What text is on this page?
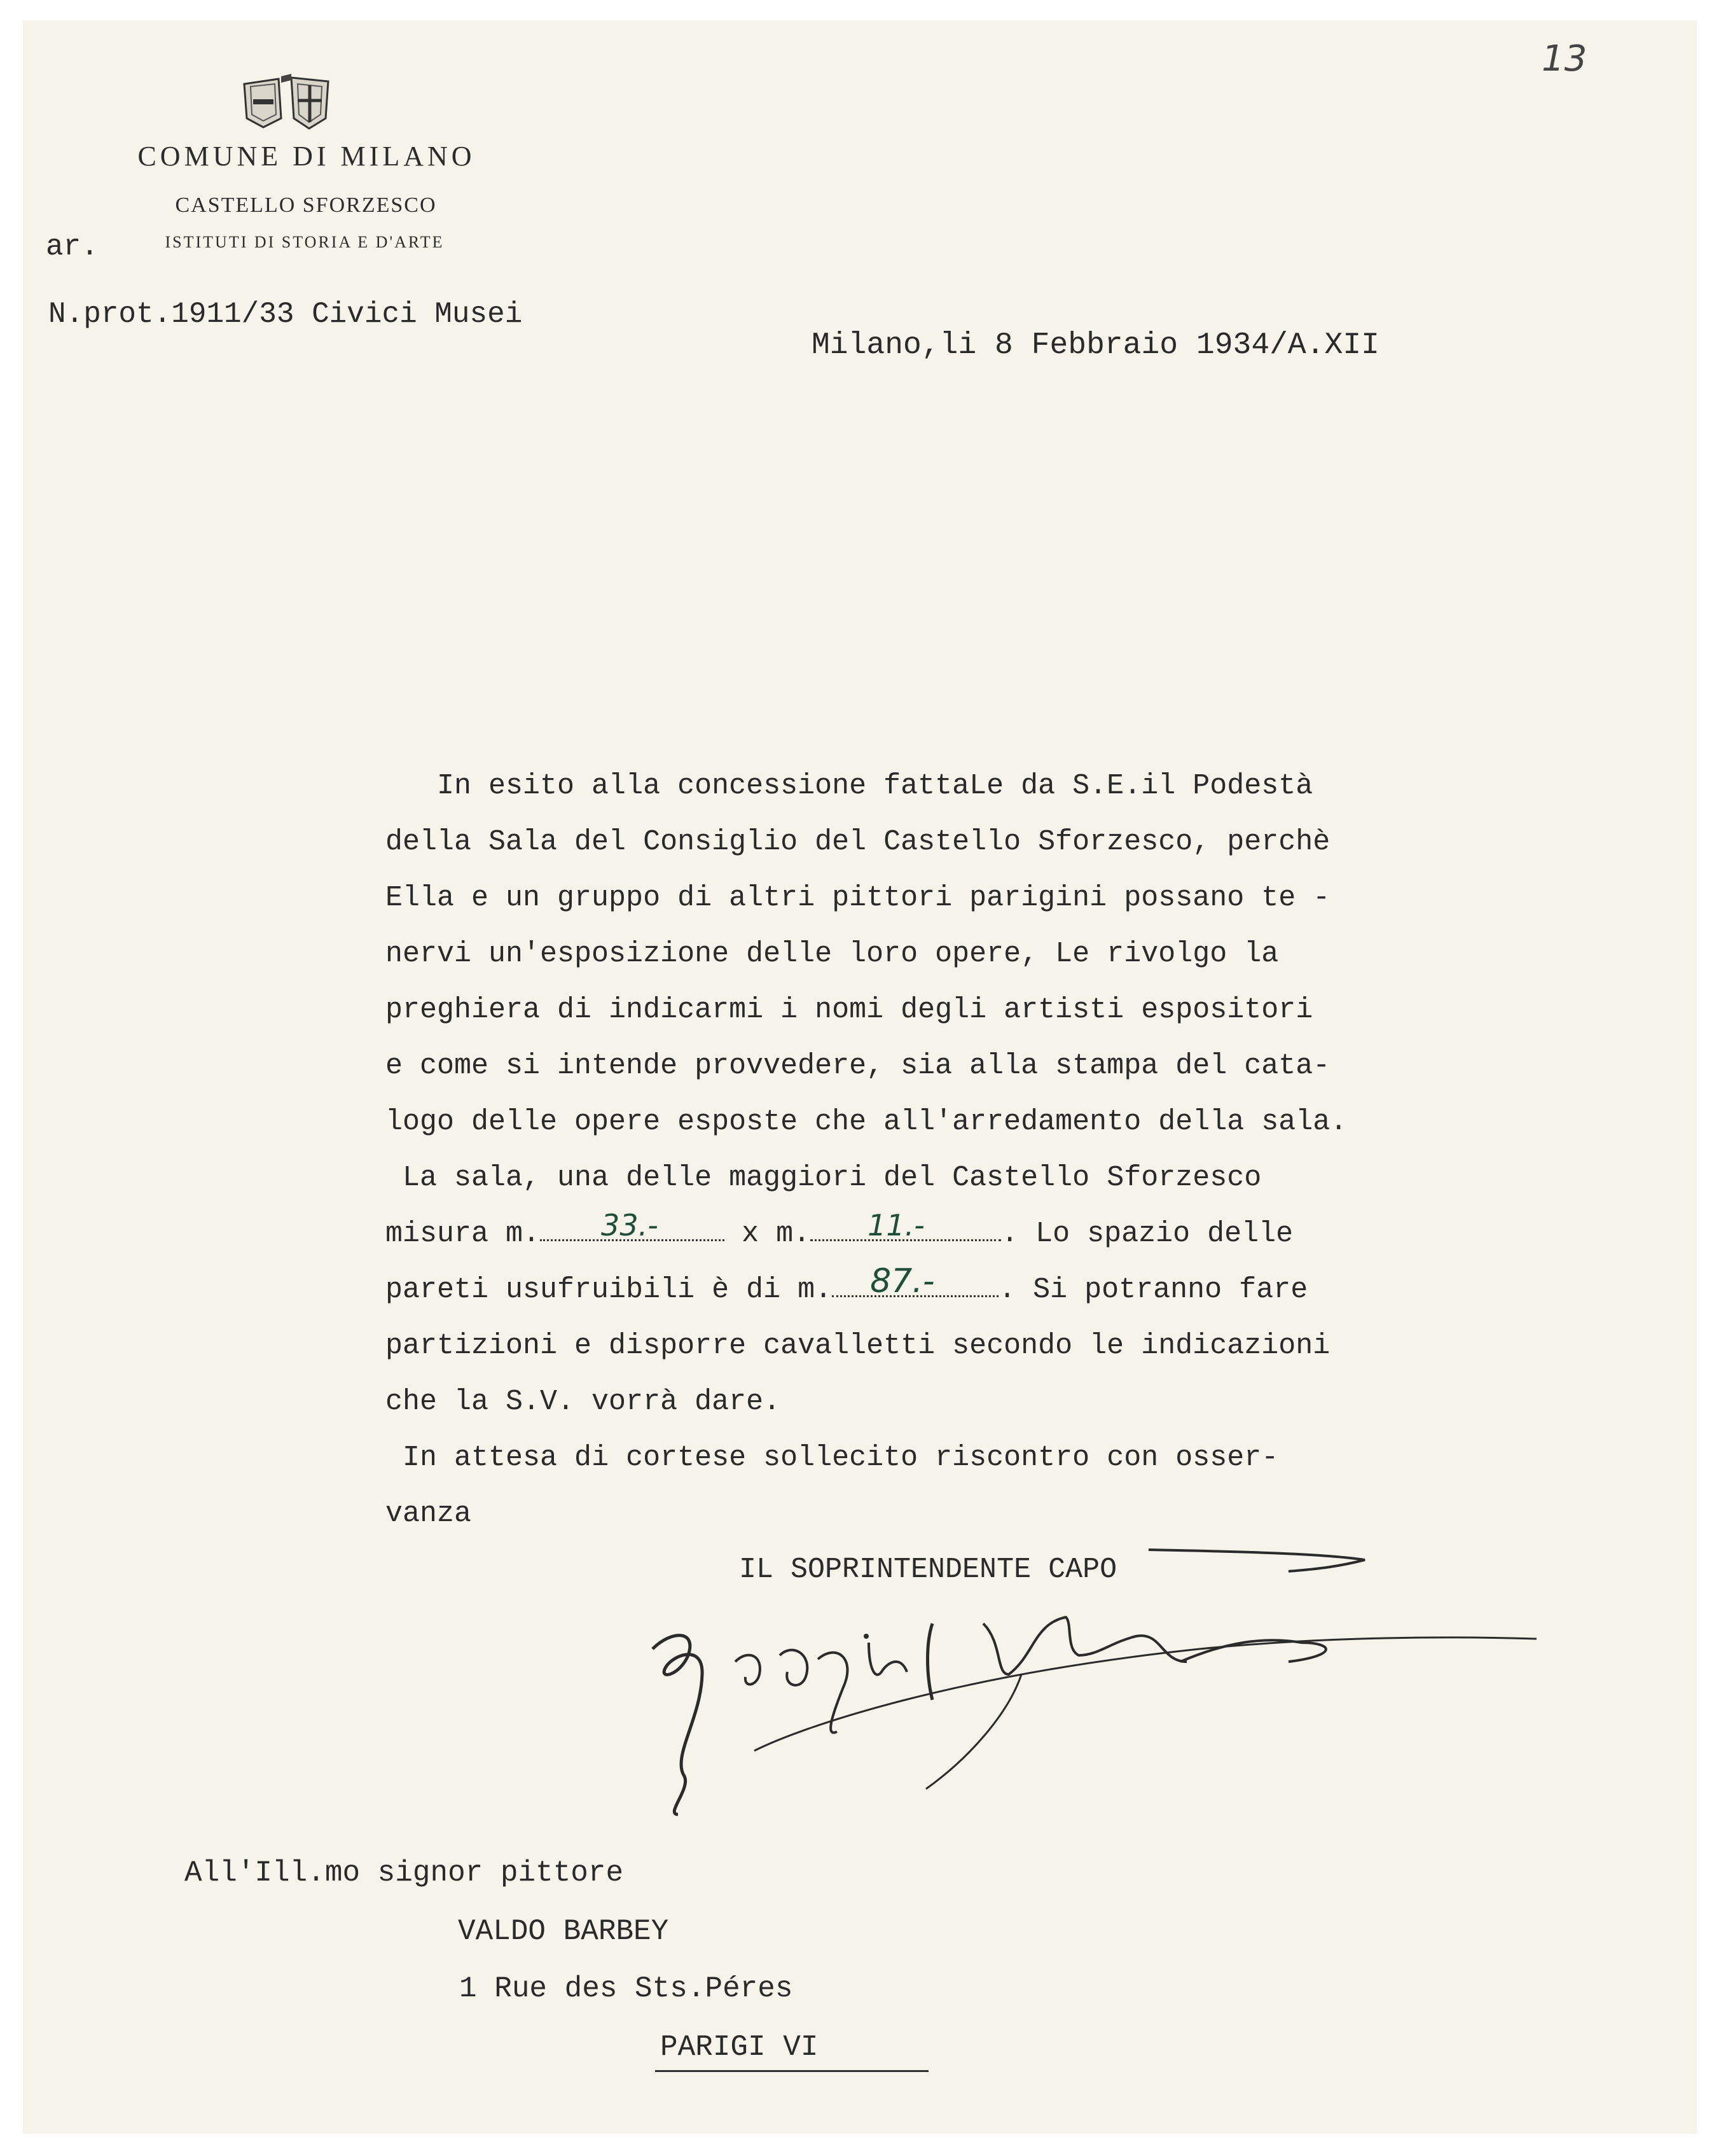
13
COMUNE DI MILANO
CASTELLO SFORZESCO
ISTITUTI DI STORIA E D'ARTE
ar.
N.prot.1911/33 Civici Musei
Milano,li 8 Febbraio 1934/A.XII
In esito alla concessione fattaLe da S.E.il Podestà
della Sala del Consiglio del Castello Sforzesco, perchè
Ella e un gruppo di altri pittori parigini possano te -
nervi un'esposizione delle loro opere, Le rivolgo la
preghiera di indicarmi i nomi degli artisti espositori
e come si intende provvedere, sia alla stampa del cata-
logo delle opere esposte che all'arredamento della sala.
La sala, una delle maggiori del Castello Sforzesco
misura m. 33.-	x m. 11.-	. Lo spazio delle
pareti usufruibili è di m. 87.- . Si potranno fare
partizioni e disporre cavalletti secondo le indicazioni
che la S.V. vorrà dare.
In attesa di cortese sollecito riscontro con osser-
vanza
IL SOPRINTENDENTE CAPO
All'Ill.mo signor pittore
VALDO BARBEY
1 Rue des Sts.Péres
PARIGI VI
